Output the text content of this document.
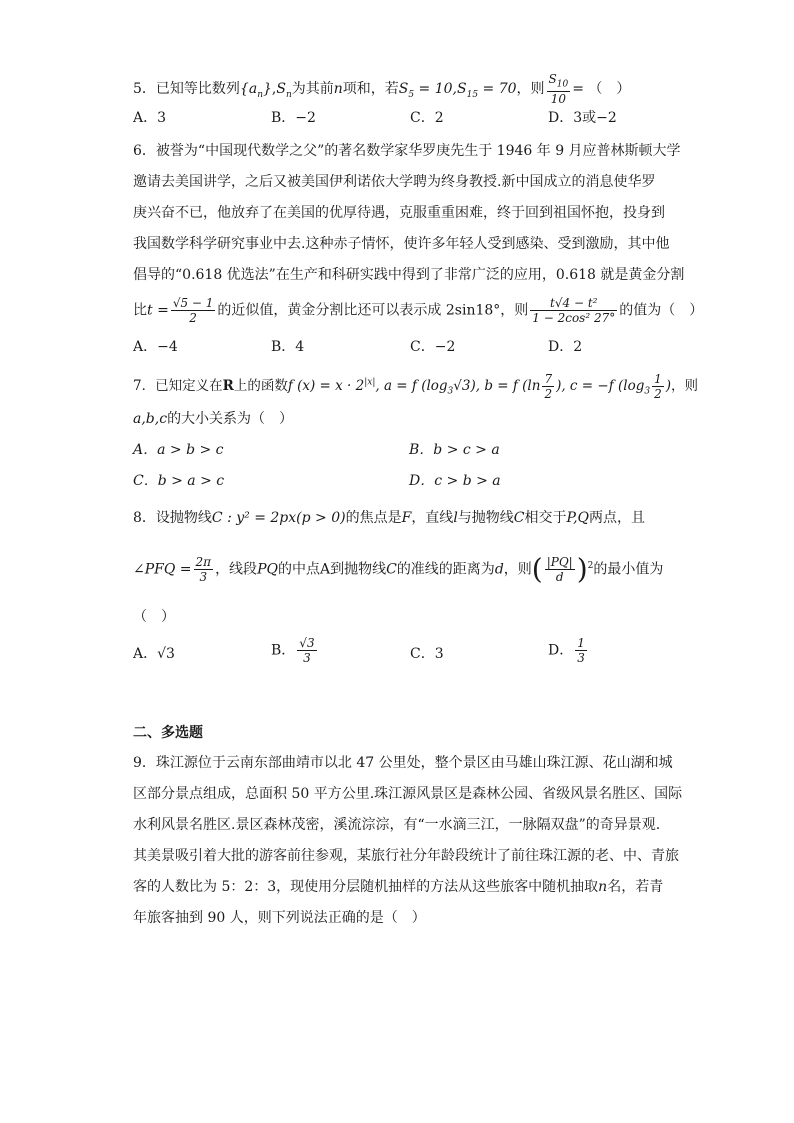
5．已知等比数列$\{a_n\},S_n$为其前n项和，若$S_5 = 10,S_{15} = 70$，则 $\frac{S_{10}}{10}$ = （　）
A．3	B．−2	C．2	D．3或−2
6．被誉为“中国现代数学之父”的著名数学家华罗庚先生于 1946 年 9 月应普林斯顿大学
邀请去美国讲学，之后又被美国伊利诺依大学聘为终身教授.新中国成立的消息使华罗
庚兴奋不已，他放弃了在美国的优厚待遇，克服重重困难，终于回到祖国怀抱，投身到
我国数学科学研究事业中去.这种赤子情怀，使许多年轻人受到感染、受到激励，其中他
倡导的“0.618 优选法”在生产和科研实践中得到了非常广泛的应用，0.618 就是黄金分割
比$t = \frac{√5 - 1}{2}$ 的近似值，黄金分割比还可以表示成 2sin18°，则 $\frac{\text{t√4 − t²}}{\text{1 − 2cos² 27°}}$ 的值为（　）
A．−4	B．4	C．−2	D．2
7．已知定义在R上的函数f $(x) = x \cdot 2^{|x|}$, a = f $(\log_3√3)$, b = f ($\ln \frac{7}{2}$ ), c = −f ($\log_3 \frac{1}{2}$ )，则
a,b,c的大小关系为（　）
A．a > b > c	B．b > c > a
C．b > a > c	D．c > b > a
8．设抛物线C : y² = 2px(p > 0)的焦点是F，直线l与抛物线C相交于P,Q两点，且
∠PFQ = $\frac{2\pi}{3}$ ，线段PQ的中点A到抛物线C的准线的距离为d，则( $\frac{|PQ|}{d} )^2$的最小值为
（　）
A．√3	B． $\frac{√3}{3}$	C．3	D． $\frac{1}{3}$
二、多选题
9．珠江源位于云南东部曲靖市以北 47 公里处，整个景区由马雄山珠江源、花山湖和城
区部分景点组成，总面积 50 平方公里.珠江源风景区是森林公园、省级风景名胜区、国际
水利风景名胜区.景区森林茂密，溪流淙淙，有“一水滴三江，一脉隔双盘”的奇异景观.
其美景吸引着大批的游客前往参观，某旅行社分年龄段统计了前往珠江源的老、中、青旅
客的人数比为 5：2：3，现使用分层随机抽样的方法从这些旅客中随机抽取n名，若青
年旅客抽到 90 人，则下列说法正确的是（　）
